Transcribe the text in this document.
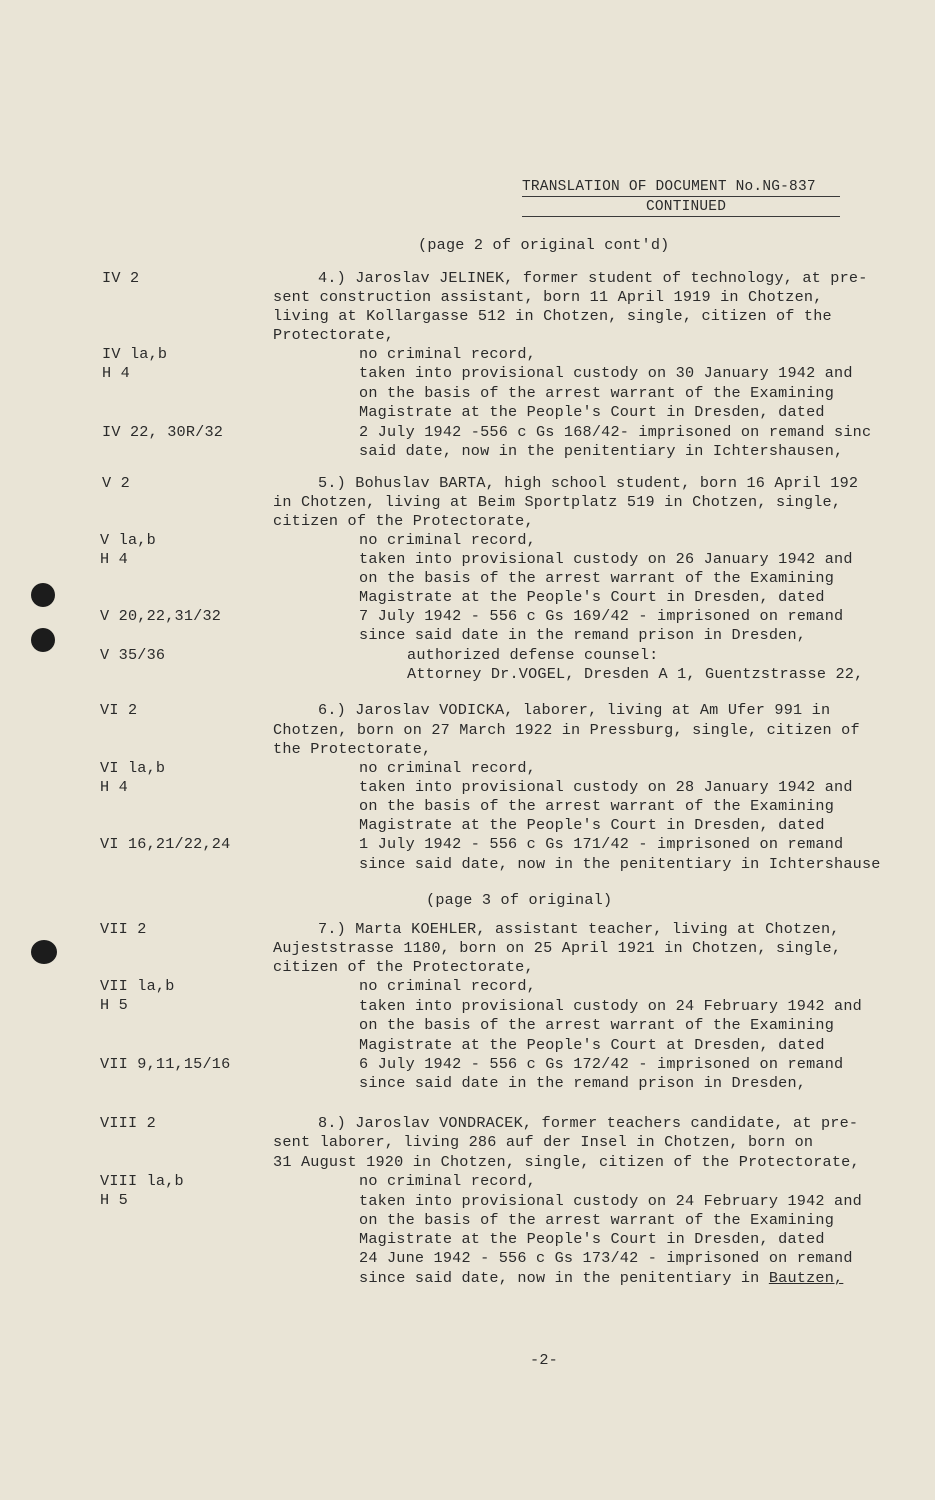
TRANSLATION OF DOCUMENT No.NG-837
CONTINUED
(page 2 of original cont'd)
IV 2
IV la,b
H 4
IV 22, 30R/32
V 2
V la,b
H 4
V 20,22,31/32
V 35/36
VI 2
VI la,b
H 4
VI 16,21/22,24
VII 2
VII la,b
H 5
VII 9,11,15/16
VIII 2
VIII la,b
H 5
4.) Jaroslav JELINEK, former student of technology, at pre-
sent construction assistant, born 11 April 1919 in Chotzen,
living at Kollargasse 512 in Chotzen, single, citizen of the
Protectorate,
no criminal record,
taken into provisional custody on 30 January 1942 and
on the basis of the arrest warrant of the Examining
Magistrate at the People's Court in Dresden, dated
2 July 1942 -556 c Gs 168/42- imprisoned on remand sinc
said date, now in the penitentiary in Ichtershausen,
5.) Bohuslav BARTA, high school student, born 16 April 192
in Chotzen, living at Beim Sportplatz 519 in Chotzen, single,
citizen of the Protectorate,
no criminal record,
taken into provisional custody on 26 January 1942 and
on the basis of the arrest warrant of the Examining
Magistrate at the People's Court in Dresden, dated
7 July 1942 - 556 c Gs 169/42 - imprisoned on remand
since said date in the remand prison in Dresden,
authorized defense counsel:
Attorney Dr.VOGEL, Dresden A 1, Guentzstrasse 22,
6.) Jaroslav VODICKA, laborer, living at Am Ufer 991 in
Chotzen, born on 27 March 1922 in Pressburg, single, citizen of
the Protectorate,
no criminal record,
taken into provisional custody on 28 January 1942 and
on the basis of the arrest warrant of the Examining
Magistrate at the People's Court in Dresden, dated
1 July 1942 - 556 c Gs 171/42 - imprisoned on remand
since said date, now in the penitentiary in Ichtershause
(page 3 of original)
7.) Marta KOEHLER, assistant teacher, living at Chotzen,
Aujeststrasse 1180, born on 25 April 1921 in Chotzen, single,
citizen of the Protectorate,
no criminal record,
taken into provisional custody on 24 February 1942 and
on the basis of the arrest warrant of the Examining
Magistrate at the People's Court at Dresden, dated
6 July 1942 - 556 c Gs 172/42 - imprisoned on remand
since said date in the remand prison in Dresden,
8.) Jaroslav VONDRACEK, former teachers candidate, at pre-
sent laborer, living 286 auf der Insel in Chotzen, born on
31 August 1920 in Chotzen, single, citizen of the Protectorate,
no criminal record,
taken into provisional custody on 24 February 1942 and
on the basis of the arrest warrant of the Examining
Magistrate at the People's Court in Dresden, dated
24 June 1942 - 556 c Gs 173/42 - imprisoned on remand
since said date, now in the penitentiary in Bautzen,
-2-
